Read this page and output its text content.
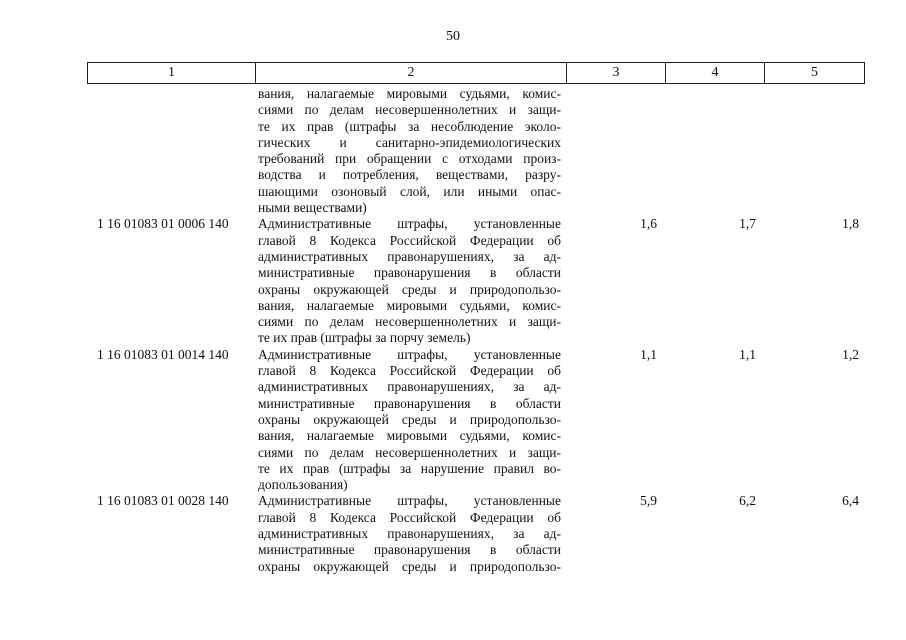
50
1	2	3	4	5
вания, налагаемые мировыми судьями, комис-
сиями по делам несовершеннолетних и защи-
те их прав (штрафы за несоблюдение эколо-
гических и санитарно-эпидемиологических
требований при обращении с отходами произ-
водства и потребления, веществами, разру-
шающими озоновый слой, или иными опас-
ными веществами)
1 16 01083 01 0006 140	Административные штрафы, установленные
главой 8 Кодекса Российской Федерации об
административных правонарушениях, за ад-
министративные правонарушения в области
охраны окружающей среды и природопользо-
вания, налагаемые мировыми судьями, комис-
сиями по делам несовершеннолетних и защи-
те их прав (штрафы за порчу земель)
1,6	1,7	1,8
1 16 01083 01 0014 140	Административные штрафы, установленные
главой 8 Кодекса Российской Федерации об
административных правонарушениях, за ад-
министративные правонарушения в области
охраны окружающей среды и природопользо-
вания, налагаемые мировыми судьями, комис-
сиями по делам несовершеннолетних и защи-
те их прав (штрафы за нарушение правил во-
допользования)
1,1	1,1	1,2
1 16 01083 01 0028 140	Административные штрафы, установленные
главой 8 Кодекса Российской Федерации об
административных правонарушениях, за ад-
министративные правонарушения в области
охраны окружающей среды и природопользо-
5,9	6,2	6,4
